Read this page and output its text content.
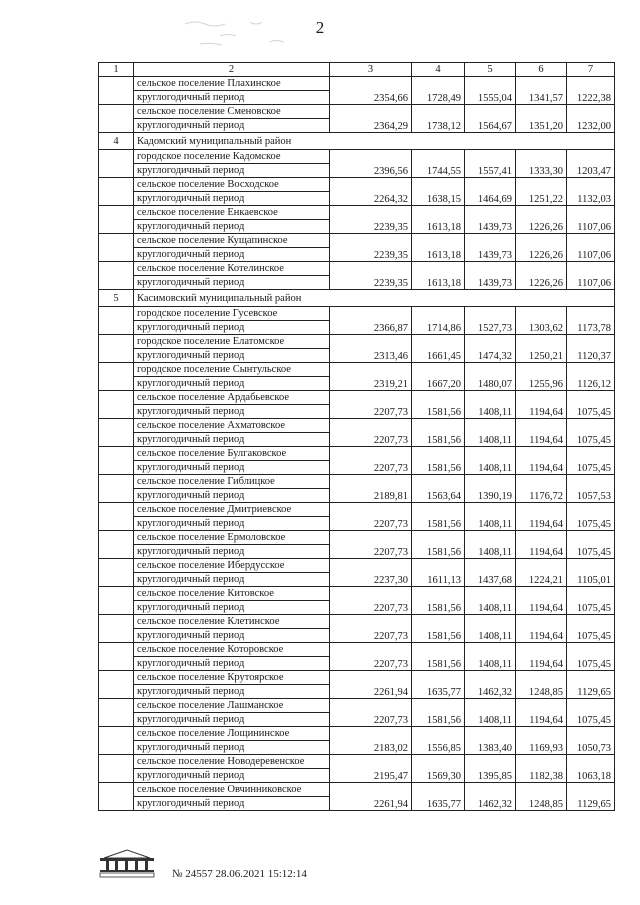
2
1	2	3	4	5	6	7

	сельское поселение Плахинское
круглогодичный период	2354,66	1728,49	1555,04	1341,57	1222,38

	сельское поселение Сменовское
круглогодичный период	2364,29	1738,12	1564,67	1351,20	1232,00
4	Кадомский муниципальный район					

	городское поселение Кадомское
круглогодичный период	2396,56	1744,55	1557,41	1333,30	1203,47

	сельское поселение Восходское
круглогодичный период	2264,32	1638,15	1464,69	1251,22	1132,03

	сельское поселение Енкаевское
круглогодичный период	2239,35	1613,18	1439,73	1226,26	1107,06

	сельское поселение Кущапинское
круглогодичный период	2239,35	1613,18	1439,73	1226,26	1107,06

	сельское поселение Котелинское
круглогодичный период	2239,35	1613,18	1439,73	1226,26	1107,06
5	Касимовский муниципальный район					

	городское поселение Гусевское
круглогодичный период	2366,87	1714,86	1527,73	1303,62	1173,78

	городское поселение Елатомское
круглогодичный период	2313,46	1661,45	1474,32	1250,21	1120,37

	городское поселение Сынтульское
круглогодичный период	2319,21	1667,20	1480,07	1255,96	1126,12

	сельское поселение Ардабьевское
круглогодичный период	2207,73	1581,56	1408,11	1194,64	1075,45

	сельское поселение Ахматовское
круглогодичный период	2207,73	1581,56	1408,11	1194,64	1075,45

	сельское поселение Булгаковское
круглогодичный период	2207,73	1581,56	1408,11	1194,64	1075,45

	сельское поселение Гиблицкое
круглогодичный период	2189,81	1563,64	1390,19	1176,72	1057,53

	сельское поселение Дмитриевское
круглогодичный период	2207,73	1581,56	1408,11	1194,64	1075,45

	сельское поселение Ермоловское
круглогодичный период	2207,73	1581,56	1408,11	1194,64	1075,45

	сельское поселение Ибердусское
круглогодичный период	2237,30	1611,13	1437,68	1224,21	1105,01

	сельское поселение Китовское
круглогодичный период	2207,73	1581,56	1408,11	1194,64	1075,45

	сельское поселение Клетинское
круглогодичный период	2207,73	1581,56	1408,11	1194,64	1075,45

	сельское поселение Которовское
круглогодичный период	2207,73	1581,56	1408,11	1194,64	1075,45

	сельское поселение Крутоярское
круглогодичный период	2261,94	1635,77	1462,32	1248,85	1129,65

	сельское поселение Лашманское
круглогодичный период	2207,73	1581,56	1408,11	1194,64	1075,45

	сельское поселение Лощининское
круглогодичный период	2183,02	1556,85	1383,40	1169,93	1050,73

	сельское поселение Новодеревенское
круглогодичный период	2195,47	1569,30	1395,85	1182,38	1063,18

	сельское поселение Овчинниковское
круглогодичный период	2261,94	1635,77	1462,32	1248,85	1129,65
№ 24557 28.06.2021 15:12:14
